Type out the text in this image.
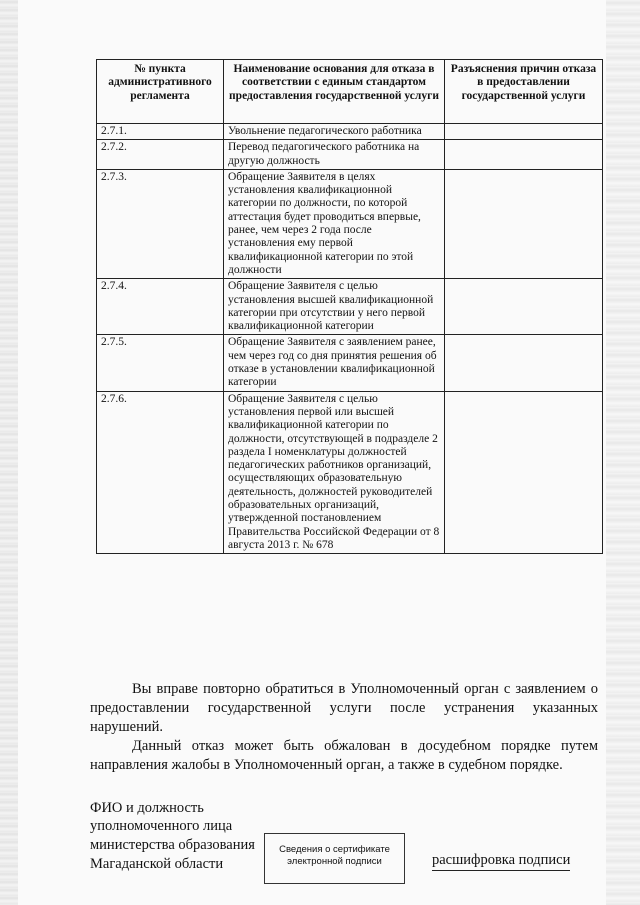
№ пункта административного регламента	Наименование основания для отказа в соответствии с единым стандартом предоставления государственной услуги	Разъяснения причин отказа в предоставлении государственной услуги
2.7.1.	Увольнение педагогического работника	
2.7.2.	Перевод педагогического работника на другую должность	
2.7.3.	Обращение Заявителя в целях установления квалификационной категории по должности, по которой аттестация будет проводиться впервые, ранее, чем через 2 года после установления ему первой квалификационной категории по этой должности	
2.7.4.	Обращение Заявителя с целью установления высшей квалификационной категории при отсутствии у него первой квалификационной категории	
2.7.5.	Обращение Заявителя с заявлением ранее, чем через год со дня принятия решения об отказе в установлении квалификационной категории	
2.7.6.	Обращение Заявителя с целью установления первой или высшей квалификационной категории по должности, отсутствующей в подразделе 2 раздела I номенклатуры должностей педагогических работников организаций, осуществляющих образовательную деятельность, должностей руководителей образовательных организаций, утвержденной постановлением Правительства Российской Федерации от 8 августа 2013 г. № 678	

Вы вправе повторно обратиться в Уполномоченный орган с заявлением о предоставлении государственной услуги после устранения указанных нарушений.

Данный отказ может быть обжалован в досудебном порядке путем направления жалобы в Уполномоченный орган, а также в судебном порядке.

ФИО и должность
уполномоченного лица
министерства образования
Магаданской области
Сведения о сертификате
электронной подписи	расшифровка подписи
